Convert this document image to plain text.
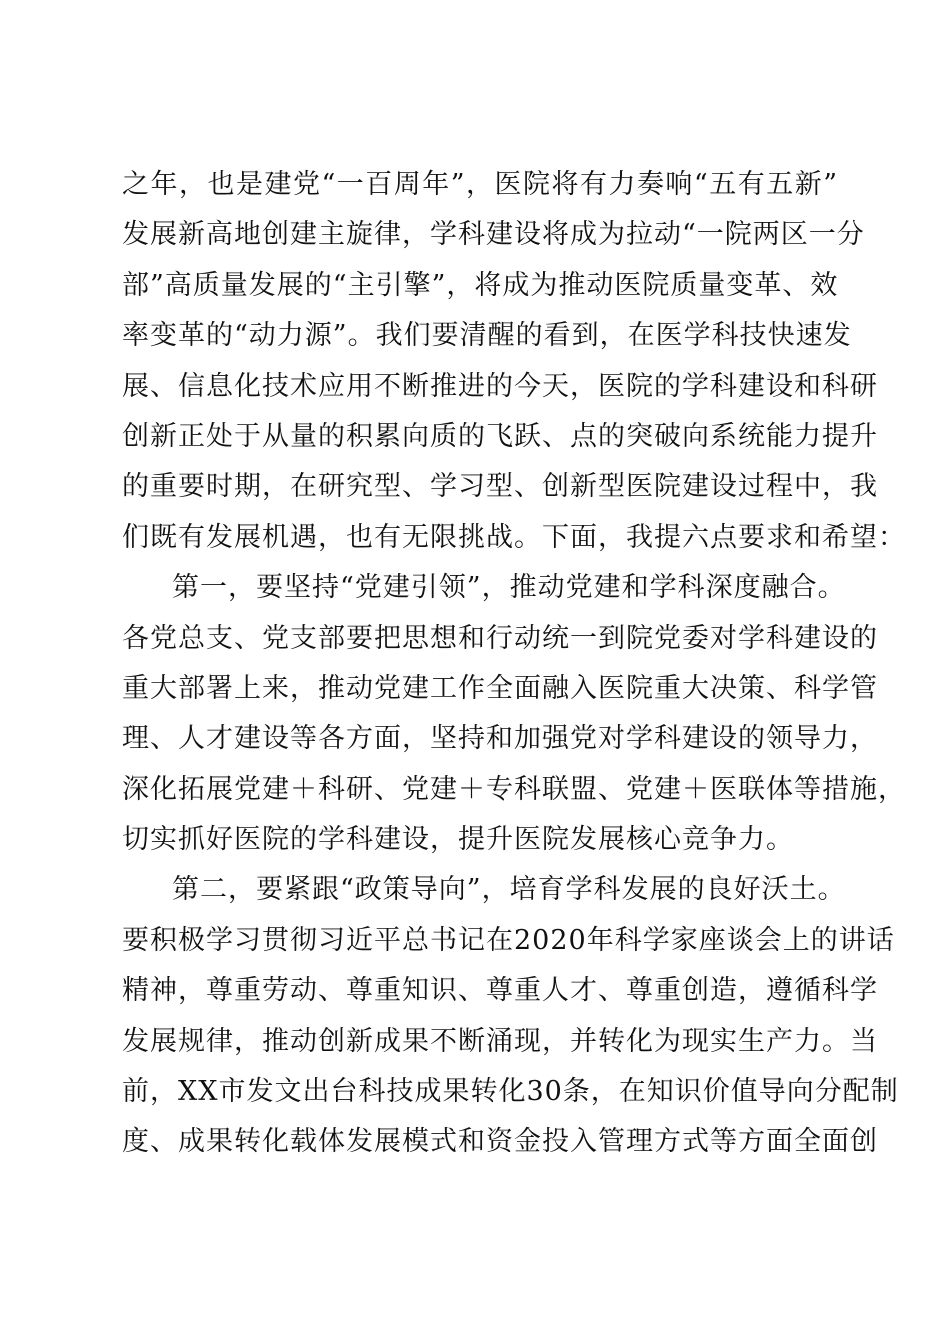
之年，也是建党“一百周年”，医院将有力奏响“五有五新”
发展新高地创建主旋律，学科建设将成为拉动“一院两区一分
部”高质量发展的“主引擎”，将成为推动医院质量变革、效
率变革的“动力源”。我们要清醒的看到，在医学科技快速发
展、信息化技术应用不断推进的今天，医院的学科建设和科研
创新正处于从量的积累向质的飞跃、点的突破向系统能力提升
的重要时期，在研究型、学习型、创新型医院建设过程中，我
们既有发展机遇，也有无限挑战。下面，我提六点要求和希望：
第一，要坚持“党建引领”，推动党建和学科深度融合。
各党总支、党支部要把思想和行动统一到院党委对学科建设的
重大部署上来，推动党建工作全面融入医院重大决策、科学管
理、人才建设等各方面，坚持和加强党对学科建设的领导力，
深化拓展党建＋科研、党建＋专科联盟、党建＋医联体等措施，
切实抓好医院的学科建设，提升医院发展核心竞争力。
第二，要紧跟“政策导向”，培育学科发展的良好沃土。
要积极学习贯彻习近平总书记在2020年科学家座谈会上的讲话
精神，尊重劳动、尊重知识、尊重人才、尊重创造，遵循科学
发展规律，推动创新成果不断涌现，并转化为现实生产力。当
前，XX市发文出台科技成果转化30条，在知识价值导向分配制
度、成果转化载体发展模式和资金投入管理方式等方面全面创
